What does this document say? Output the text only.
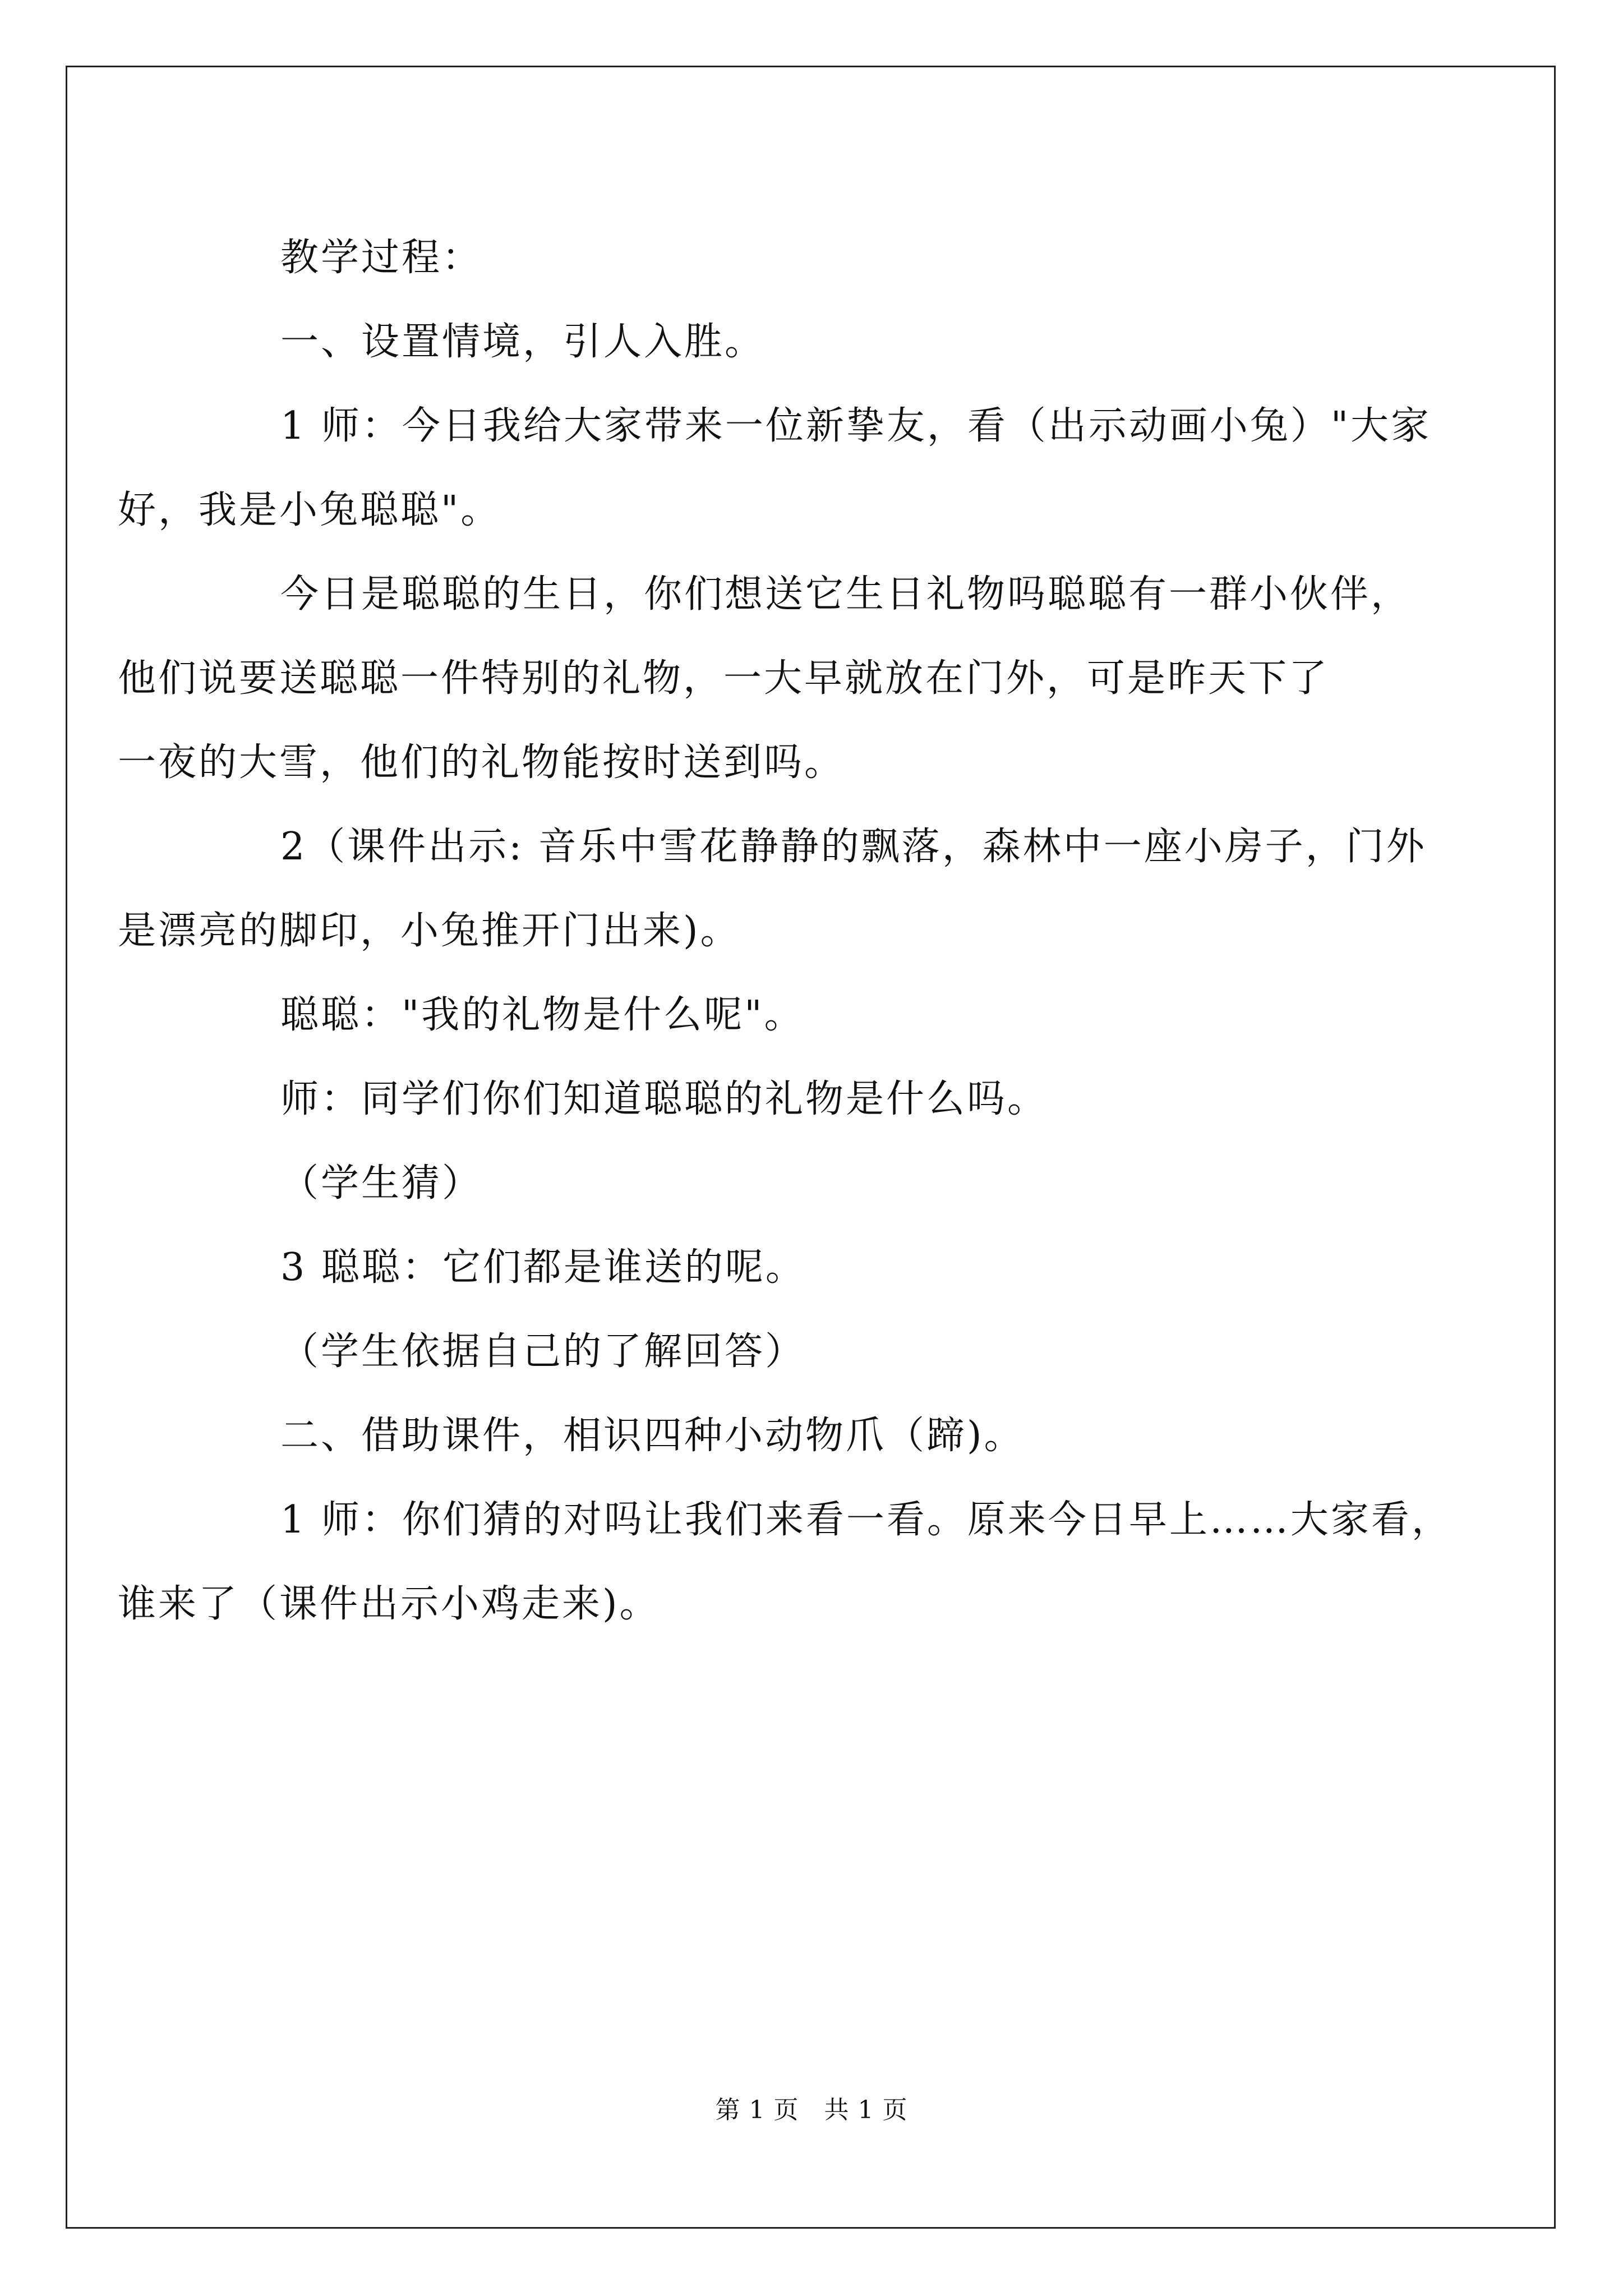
教学过程：

一、设置情境，引人入胜。

1 师：今日我给大家带来一位新挚友，看（出示动画小兔）"大家
好，我是小兔聪聪"。

今日是聪聪的生日，你们想送它生日礼物吗聪聪有一群小伙伴，
他们说要送聪聪一件特别的礼物，一大早就放在门外，可是昨天下了
一夜的大雪，他们的礼物能按时送到吗。

2（课件出示: 音乐中雪花静静的飘落，森林中一座小房子，门外
是漂亮的脚印，小兔推开门出来)。

聪聪："我的礼物是什么呢"。

师：同学们你们知道聪聪的礼物是什么吗。

（学生猜）

3 聪聪：它们都是谁送的呢。

（学生依据自己的了解回答）

二、借助课件，相识四种小动物爪（蹄)。

1 师：你们猜的对吗让我们来看一看。原来今日早上……大家看，
谁来了（课件出示小鸡走来)。

第 1 页 共 1 页
